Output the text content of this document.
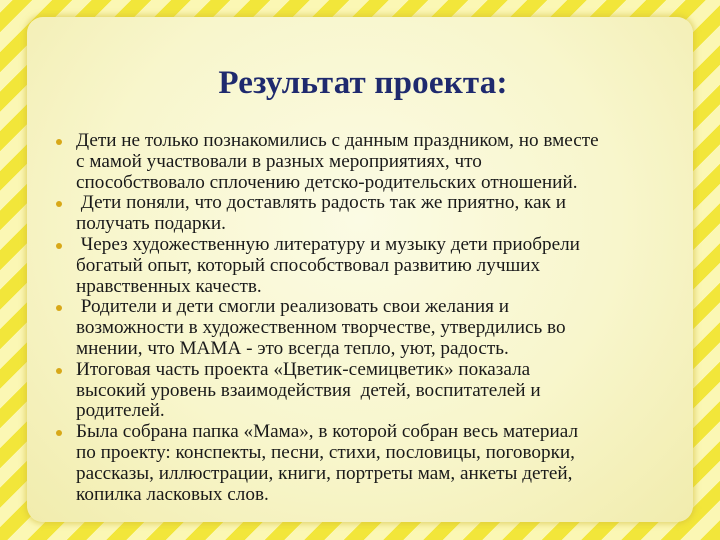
Результат проекта:
Дети не только познакомились с данным праздником, но вместе
с мамой участвовали в разных мероприятиях, что
способствовало сплочению детско-родительских отношений.
Дети поняли, что доставлять радость так же приятно, как и
получать подарки.
Через художественную литературу и музыку дети приобрели
богатый опыт, который способствовал развитию лучших
нравственных качеств.
Родители и дети смогли реализовать свои желания и
возможности в художественном творчестве, утвердились во
мнении, что МАМА - это всегда тепло, уют, радость.
Итоговая часть проекта «Цветик-семицветик» показала
высокий уровень взаимодействия  детей, воспитателей и
родителей.
Была собрана папка «Мама», в которой собран весь материал
по проекту: конспекты, песни, стихи, пословицы, поговорки,
рассказы, иллюстрации, книги, портреты мам, анкеты детей,
копилка ласковых слов.
